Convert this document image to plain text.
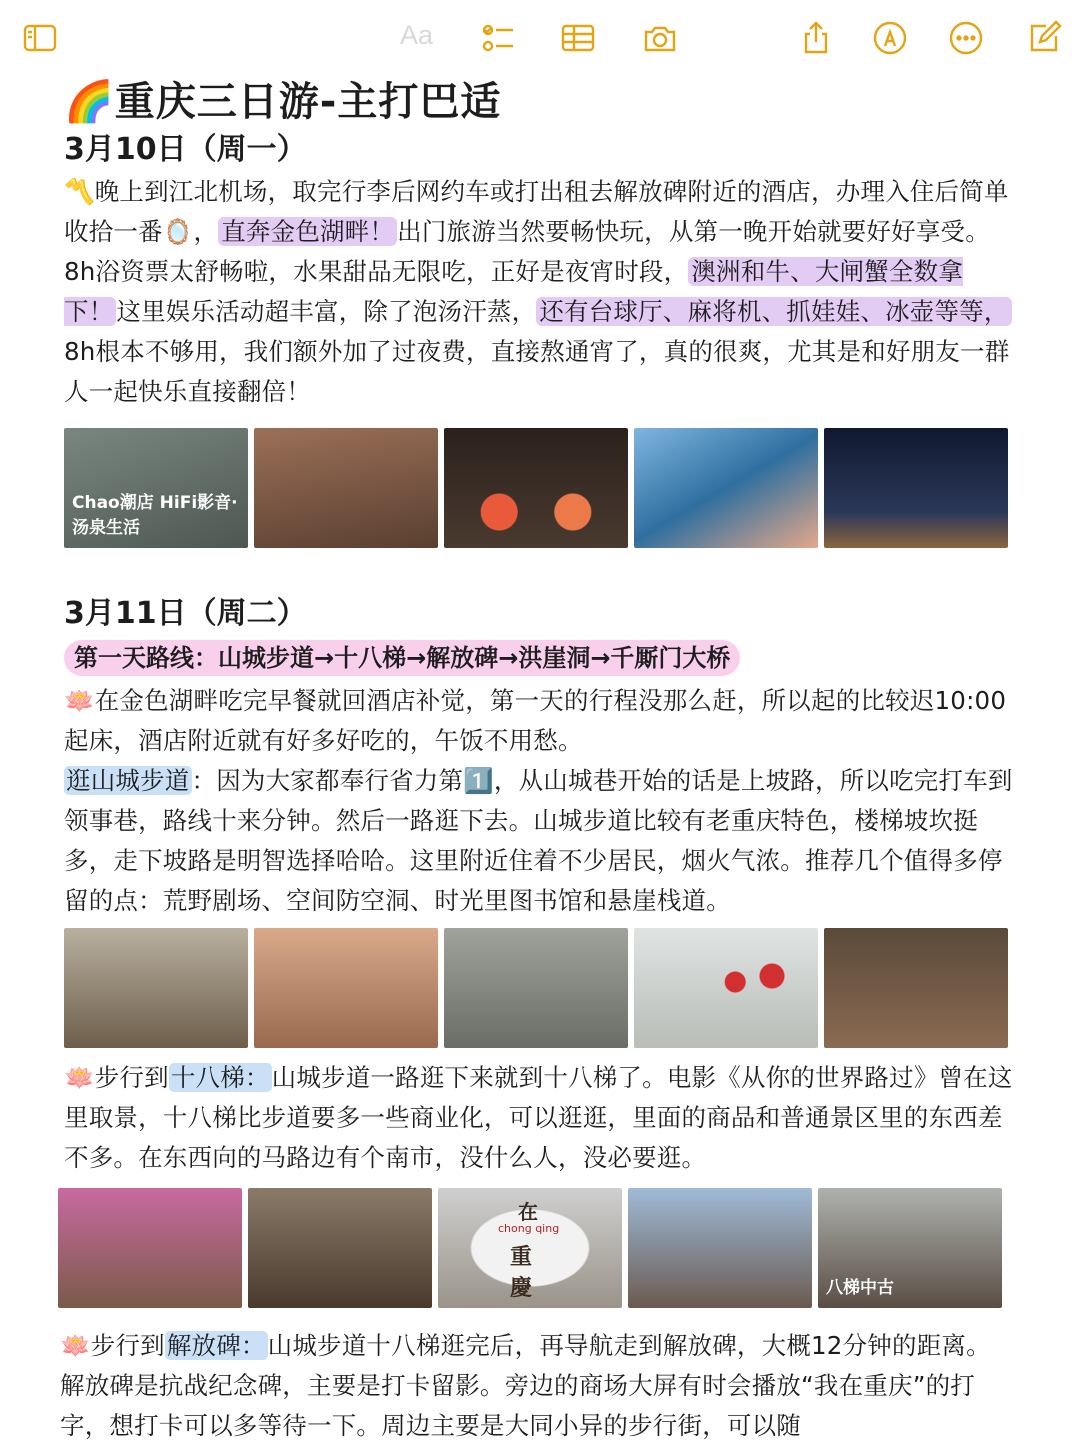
Aa
🌈重庆三日游-主打巴适
3月10日（周一）

〽️晚上到江北机场，取完行李后网约车或打出租去解放碑附近的酒店，办理入住后简单收拾一番🪞， 直奔金色湖畔！ 出门旅游当然要畅快玩，从第一晚开始就要好好享受。8h浴资票太舒畅啦，水果甜品无限吃，正好是夜宵时段， 澳洲和牛、大闸蟹全数拿下！ 这里娱乐活动超丰富，除了泡汤汗蒸， 还有台球厅、麻将机、抓娃娃、冰壶等等，8h根本不够用，我们额外加了过夜费，直接熬通宵了，真的很爽，尤其是和好朋友一群人一起快乐直接翻倍！

Chao潮店 HiFi影音·汤泉生活
3月11日（周二）
第一天路线：山城步道→十八梯→解放碑→洪崖洞→千厮门大桥

🪷在金色湖畔吃完早餐就回酒店补觉，第一天的行程没那么赶，所以起的比较迟10:00起床，酒店附近就有好多好吃的，午饭不用愁。

逛山城步道：因为大家都奉行省力第1️⃣，从山城巷开始的话是上坡路，所以吃完打车到领事巷，路线十来分钟。然后一路逛下去。山城步道比较有老重庆特色，楼梯坡坎挺多，走下坡路是明智选择哈哈。这里附近住着不少居民，烟火气浓。推荐几个值得多停留的点：荒野剧场、空间防空洞、时光里图书馆和悬崖栈道。

🪷步行到十八梯：山城步道一路逛下来就到十八梯了。电影《从你的世界路过》曾在这里取景，十八梯比步道要多一些商业化，可以逛逛，里面的商品和普通景区里的东西差不多。在东西向的马路边有个南市，没什么人，没必要逛。

在
chong qing
重慶	八梯中古

🪷步行到解放碑：山城步道十八梯逛完后，再导航走到解放碑，大概12分钟的距离。解放碑是抗战纪念碑，主要是打卡留影。旁边的商场大屏有时会播放“我在重庆”的打字，想打卡可以多等待一下。周边主要是大同小异的步行街，可以随
